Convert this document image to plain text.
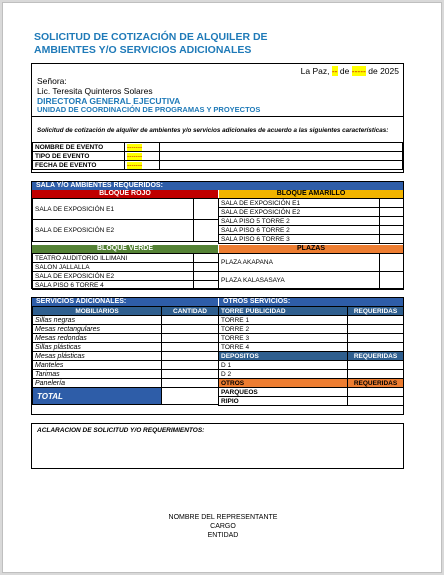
SOLICITUD DE COTIZACIÓN DE ALQUILER DE
AMBIENTES Y/O SERVICIOS ADICIONALES
La Paz, -- de ----- de 2025
Señora:
Lic. Teresita Quinteros Solares
DIRECTORA GENERAL EJECUTIVA
UNIDAD DE COORDINACIÓN DE PROGRAMAS Y PROYECTOS
Solicitud de cotización de alquiler de ambientes y/o servicios adicionales de acuerdo a las siguientes características:
NOMBRE DE EVENTO	-------	
TIPO DE EVENTO	-------	
FECHA DE EVENTO	-------	
SALA Y/O AMBIENTES REQUERIDOS:
BLOQUE ROJO
SALA DE EXPOSICIÓN E1	
SALA DE EXPOSICIÓN E2	
BLOQUE AMARILLO
SALA DE EXPOSICIÓN E1	
SALA DE EXPOSICIÓN E2	
SALA PISO 5 TORRE 2	
SALA PISO 6 TORRE 2	
SALA PISO 6 TORRE 3	
BLOQUE VERDE
TEATRO AUDITORIO ILLIMANI	
SALON JALLALLA	
SALA DE EXPOSICIÓN E2	
SALA PISO 6 TORRE 4	
PLAZAS
PLAZA AKAPANA	
PLAZA KALASASAYA	
SERVICIOS ADICIONALES:
MOBILIARIOS	CANTIDAD
Sillas negras	
Mesas rectangulares	
Mesas redondas	
Sillas plásticas	
Mesas plásticas	
Manteles	
Tarimas	
Panelería	
TOTAL	
OTROS SERVICIOS:
TORRE PUBLICIDAD	REQUERIDAS
TORRE 1	
TORRE 2	
TORRE 3	
TORRE 4	
DEPOSITOS	REQUERIDAS
D 1	
D 2	
OTROS	REQUERIDAS
PARQUEOS	
RIPIO	
ACLARACION DE SOLICITUD Y/O REQUERIMIENTOS:
NOMBRE DEL REPRESENTANTE
CARGO
ENTIDAD
